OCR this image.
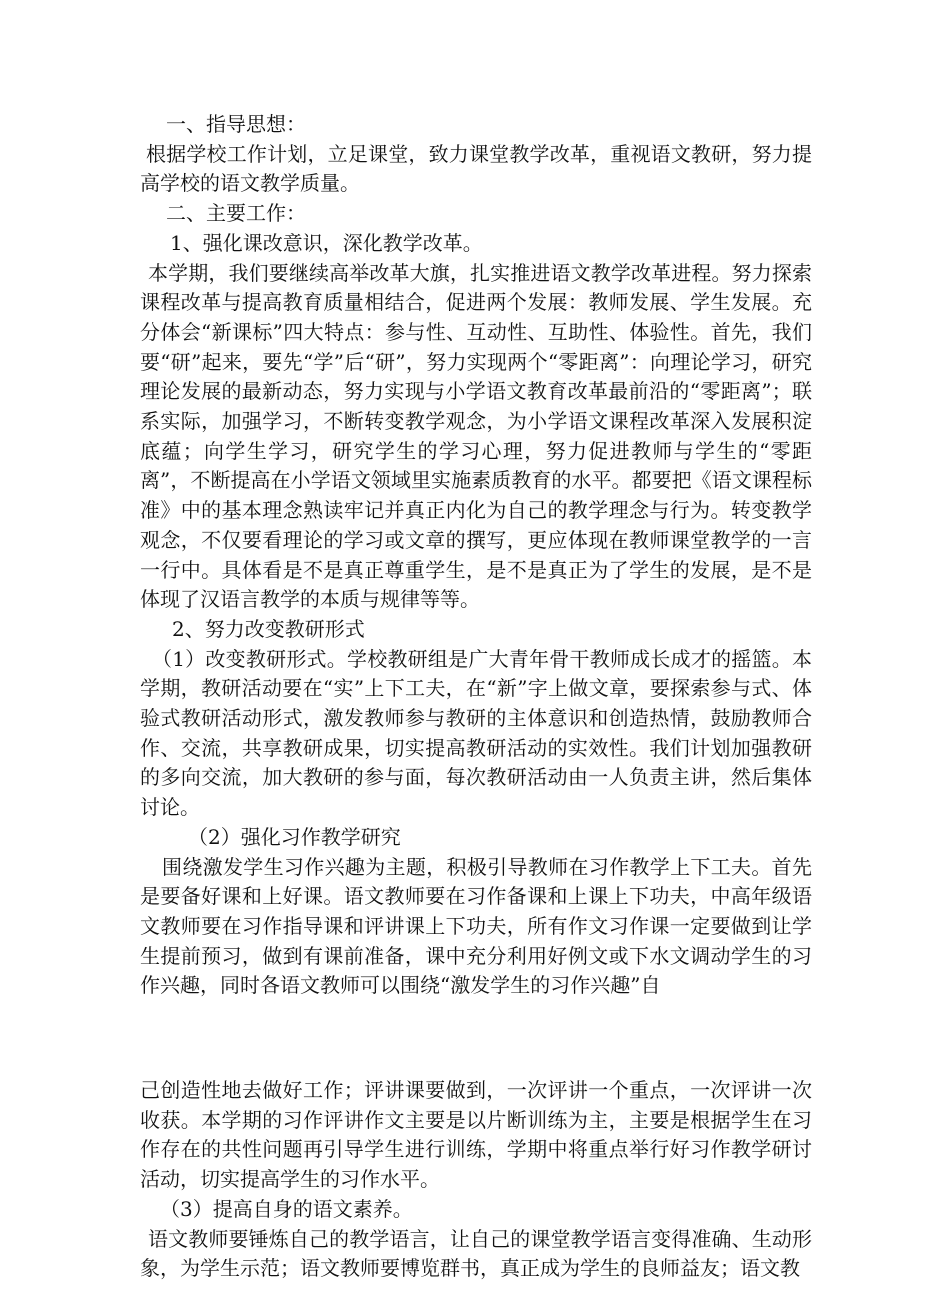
一、指导思想：

根据学校工作计划，立足课堂，致力课堂教学改革，重视语文教研，努力提高学校的语文教学质量。

二、主要工作：

1、强化课改意识，深化教学改革。

本学期，我们要继续高举改革大旗，扎实推进语文教学改革进程。努力探索课程改革与提高教育质量相结合，促进两个发展：教师发展、学生发展。充分体会“新课标”四大特点：参与性、互动性、互助性、体验性。首先，我们要“研”起来，要先“学”后“研”，努力实现两个“零距离”：向理论学习，研究理论发展的最新动态，努力实现与小学语文教育改革最前沿的“零距离”；联系实际，加强学习，不断转变教学观念，为小学语文课程改革深入发展积淀底蕴；向学生学习，研究学生的学习心理，努力促进教师与学生的“零距离”，不断提高在小学语文领域里实施素质教育的水平。都要把《语文课程标准》中的基本理念熟读牢记并真正内化为自己的教学理念与行为。转变教学观念，不仅要看理论的学习或文章的撰写，更应体现在教师课堂教学的一言一行中。具体看是不是真正尊重学生，是不是真正为了学生的发展，是不是体现了汉语言教学的本质与规律等等。

2、努力改变教研形式

（1）改变教研形式。学校教研组是广大青年骨干教师成长成才的摇篮。本学期，教研活动要在“实”上下工夫，在“新”字上做文章，要探索参与式、体验式教研活动形式，激发教师参与教研的主体意识和创造热情，鼓励教师合作、交流，共享教研成果，切实提高教研活动的实效性。我们计划加强教研的多向交流，加大教研的参与面，每次教研活动由一人负责主讲，然后集体讨论。

（2）强化习作教学研究

围绕激发学生习作兴趣为主题，积极引导教师在习作教学上下工夫。首先是要备好课和上好课。语文教师要在习作备课和上课上下功夫，中高年级语文教师要在习作指导课和评讲课上下功夫，所有作文习作课一定要做到让学生提前预习，做到有课前准备，课中充分利用好例文或下水文调动学生的习作兴趣，同时各语文教师可以围绕“激发学生的习作兴趣”自

己创造性地去做好工作；评讲课要做到，一次评讲一个重点，一次评讲一次收获。本学期的习作评讲作文主要是以片断训练为主，主要是根据学生在习作存在的共性问题再引导学生进行训练，学期中将重点举行好习作教学研讨活动，切实提高学生的习作水平。

（3）提高自身的语文素养。

语文教师要锤炼自己的教学语言，让自己的课堂教学语言变得准确、生动形象，为学生示范；语文教师要博览群书，真正成为学生的良师益友；语文教
